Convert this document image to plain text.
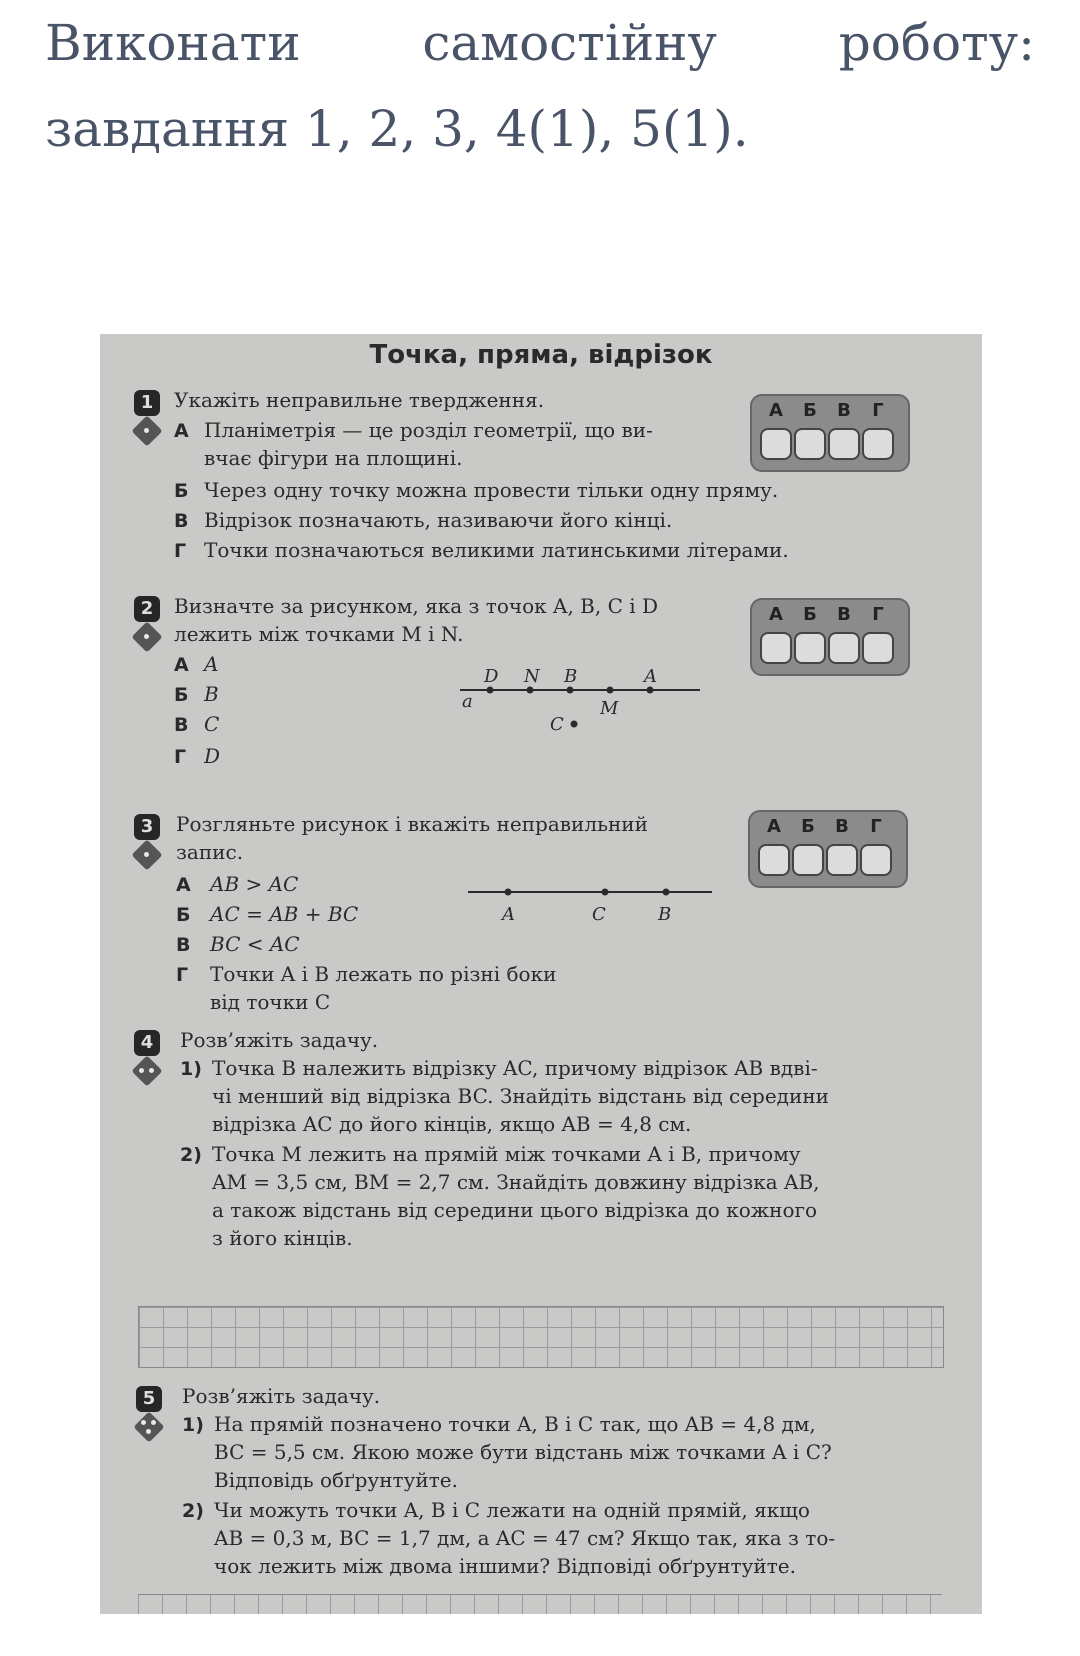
Виконати самостійну роботу:
завдання 1, 2, 3, 4(1), 5(1).
Точка, пряма, відрізок
1	Укажіть неправильне твердження.
А Планіметрія — це розділ геометрії, що ви-
вчає фігури на площині.
Б Через одну точку можна провести тільки одну пряму.
В Відрізок позначають, називаючи його кінці.
Г Точки позначаються великими латинськими літерами.
А Б В	Г
2	Визначте за рисунком, яка з точок A, B, C і D
лежить між точками M і N.
А A
Б B
В C
Г D
a
D N B	A
M
C
А Б В	Г
3	Розгляньте рисунок і вкажіть неправильний
запис.
А AB > AC
Б AC = AB + BC
В BC < AC
Г Точки A і B лежать по різні боки
від точки C
A	C	B
А Б В	Г
4	Розв’яжіть задачу.
1) Точка B належить відрізку AC, причому відрізок AB вдві-
чі менший від відрізка BC. Знайдіть відстань від середини
відрізка AC до його кінців, якщо AB = 4,8 см.
2) Точка M лежить на прямій між точками A і B, причому
AM = 3,5 см, BM = 2,7 см. Знайдіть довжину відрізка AB,
а також відстань від середини цього відрізка до кожного
з його кінців.
5	Розв’яжіть задачу.
1) На прямій позначено точки A, B і C так, що AB = 4,8 дм,
BC = 5,5 см. Якою може бути відстань між точками A і C?
Відповідь обґрунтуйте.
2) Чи можуть точки A, B і C лежати на одній прямій, якщо
AB = 0,3 м, BC = 1,7 дм, а AC = 47 см? Якщо так, яка з то-
чок лежить між двома іншими? Відповіді обґрунтуйте.
